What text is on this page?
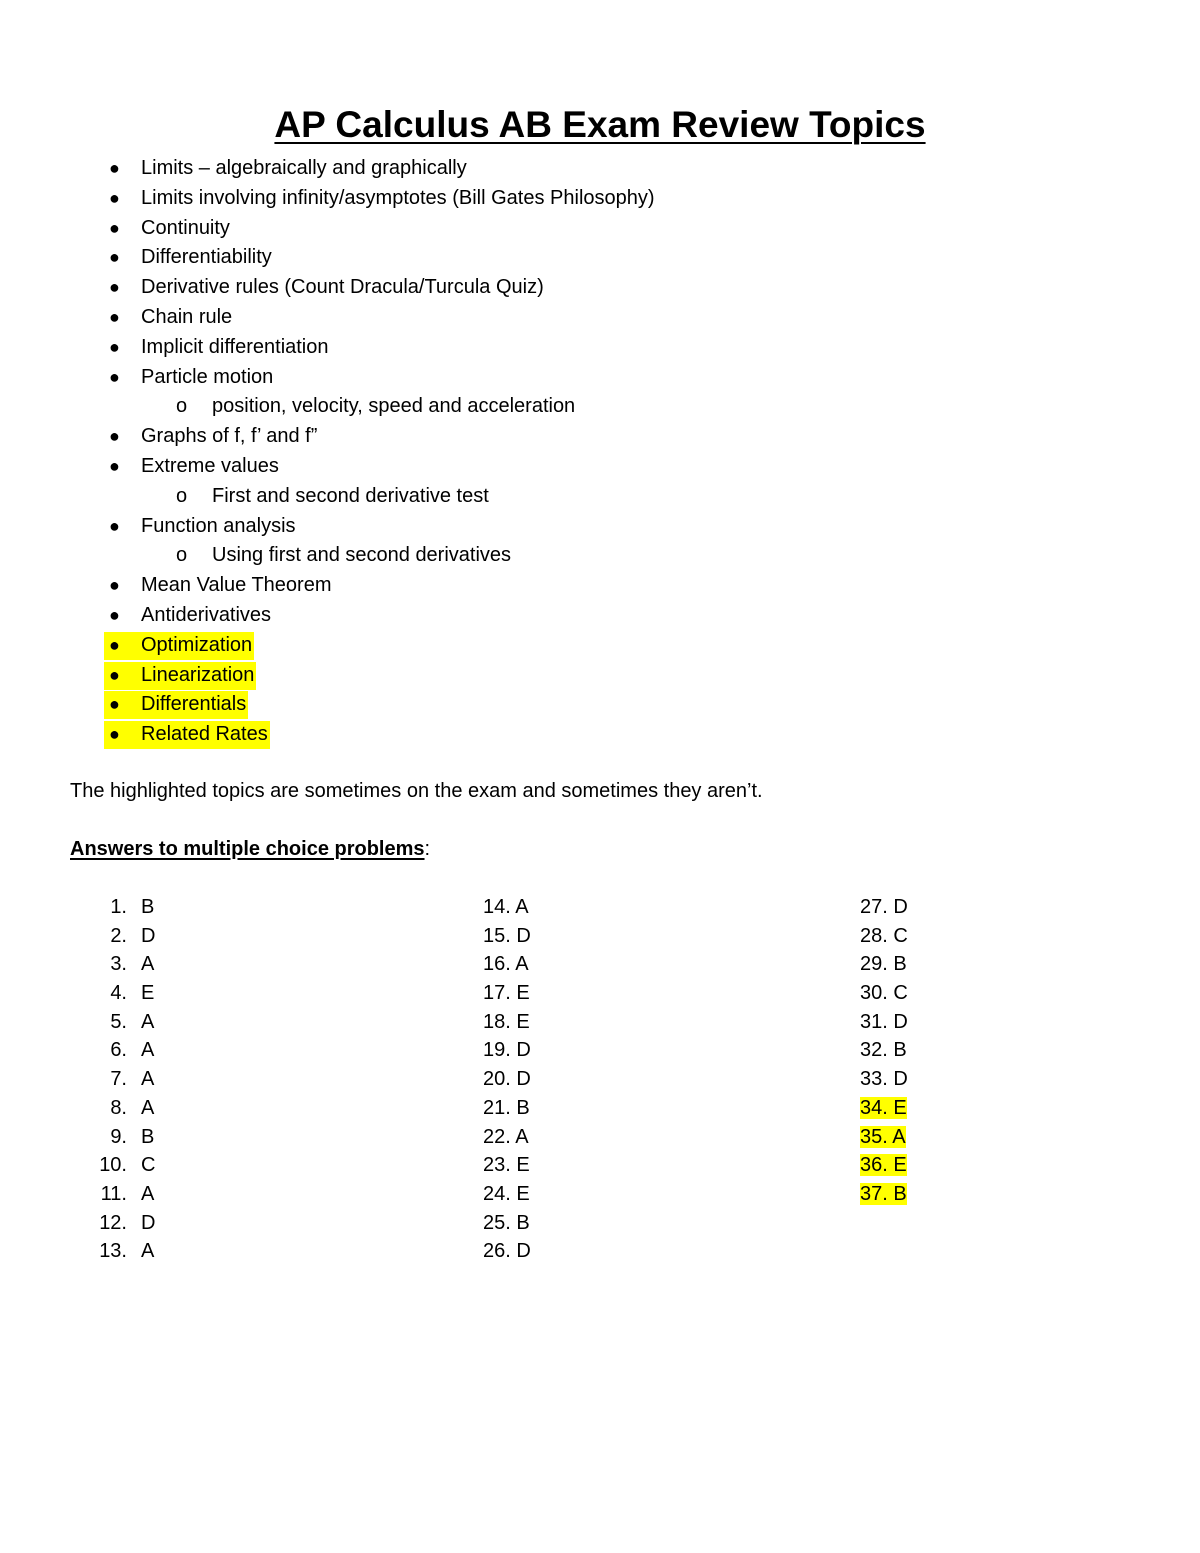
AP Calculus AB Exam Review Topics
● Limits – algebraically and graphically
● Limits involving infinity/asymptotes (Bill Gates Philosophy)
● Continuity
● Differentiability
● Derivative rules (Count Dracula/Turcula Quiz)
● Chain rule
● Implicit differentiation
● Particle motion
o position, velocity, speed and acceleration
● Graphs of f, f’ and f”
● Extreme values
o First and second derivative test
● Function analysis
o Using first and second derivatives
● Mean Value Theorem
● Antiderivatives
● Optimization
● Linearization
● Differentials
● Related Rates
The highlighted topics are sometimes on the exam and sometimes they aren’t.
Answers to multiple choice problems:
1. B
2. D
3. A
4. E
5. A
6. A
7. A
8. A
9. B
10. C
11. A
12. D
13. A
14. A
15. D
16. A
17. E
18. E
19. D
20. D
21. B
22. A
23. E
24. E
25. B
26. D
27. D
28. C
29. B
30. C
31. D
32. B
33. D
34. E
35. A
36. E
37. B
